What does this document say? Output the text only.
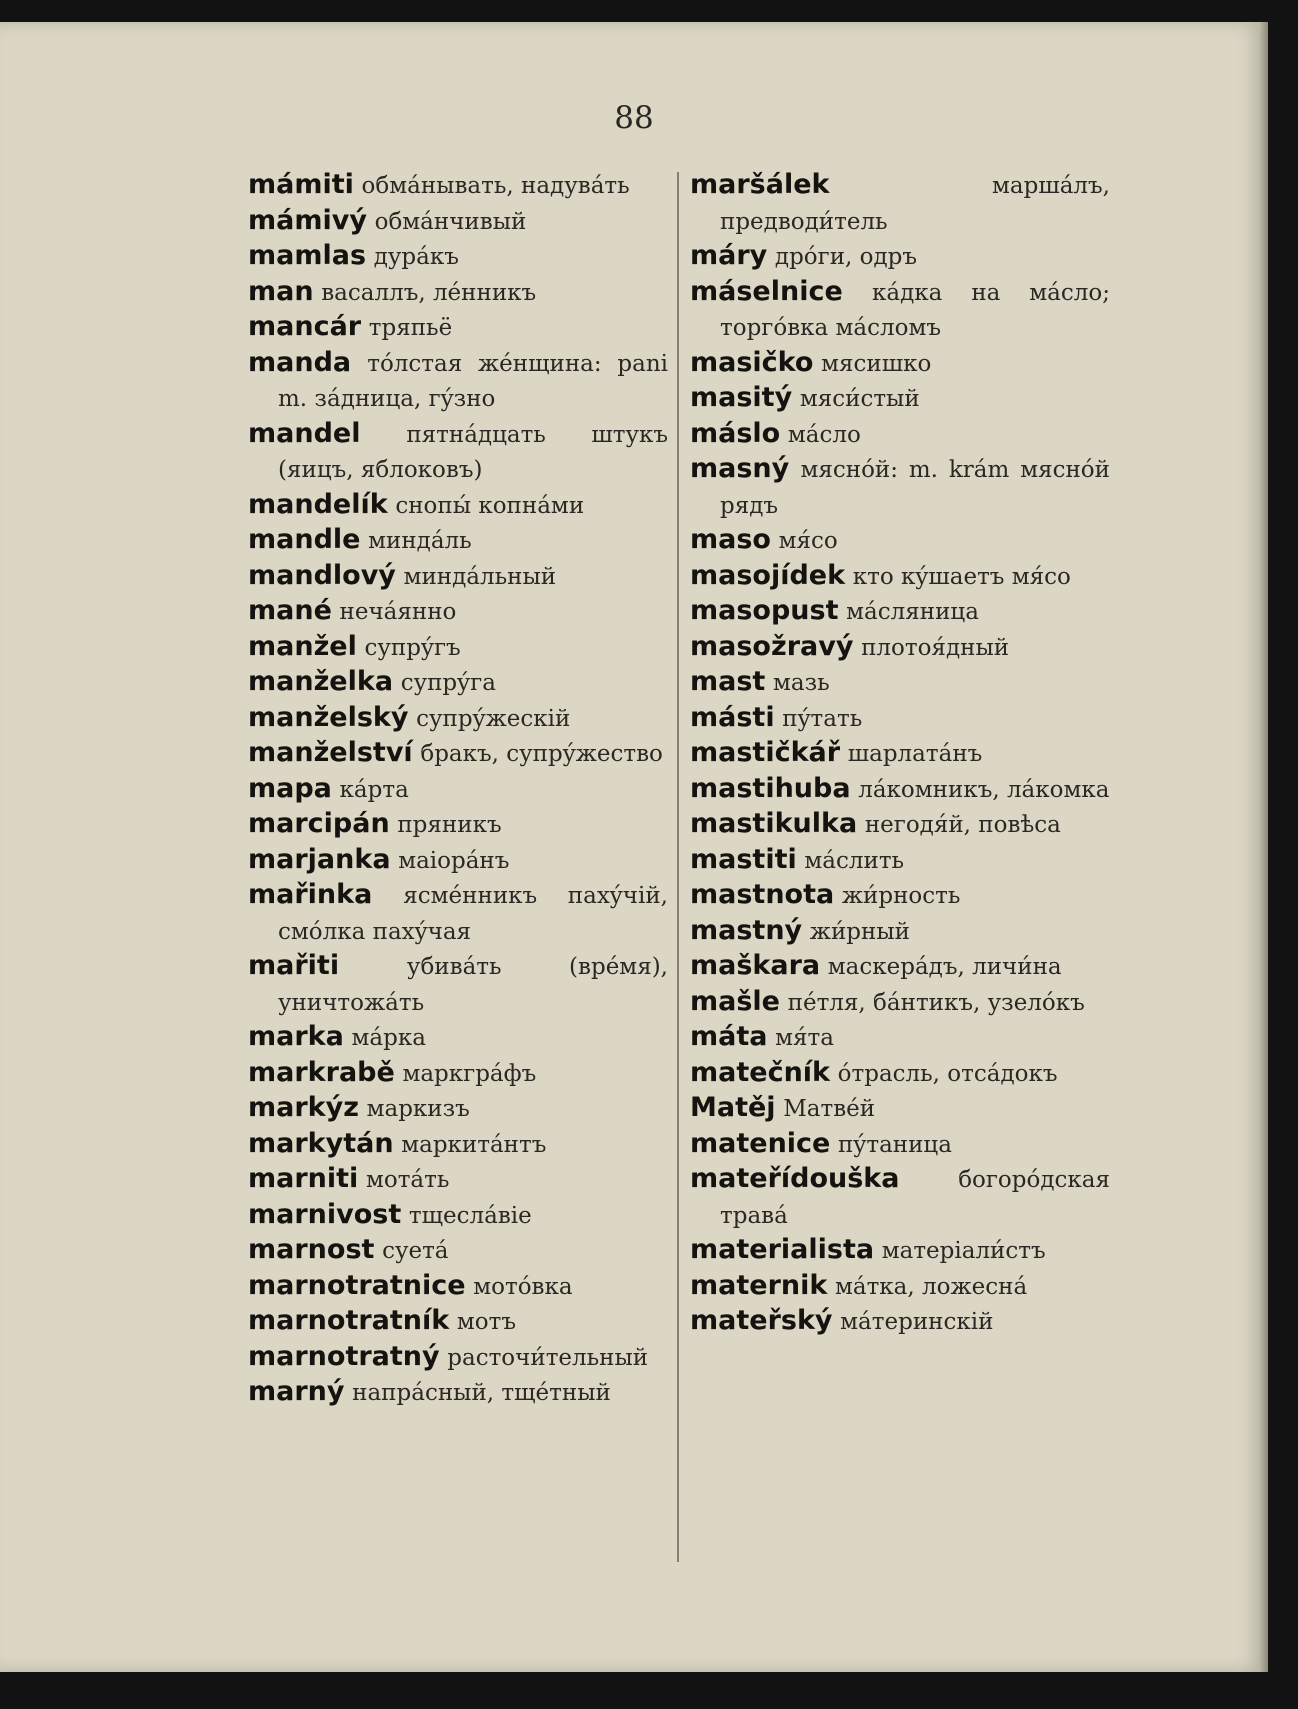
88
mámiti обмáнывать, надувáть
mámivý обмáнчивый
mamlas дурáкъ
man васаллъ, лéнникъ
mancár тряпьё
manda тóлстая жéнщина: pani m. зáдница, гýзно
mandel пятнáдцать штукъ (яицъ, яблоковъ)
mandelík снопы́ копнáми
mandle миндáль
mandlový миндáльный
mané нечáянно
manžel супрýгъ
manželka супрýга
manželský супрýжескій
manželství бракъ, супрýжество
mapa кáрта
marcipán пряникъ
marjanka маіорáнъ
mařinka ясмéнникъ пахýчій, смóлка пахýчая
mařiti	убивáть (врéмя), уничтожáть
marka мáрка
markrabě маркгрáфъ
markýz маркизъ
markytán маркитáнтъ
marniti мотáть
marnivost тщеслáвіе
marnost суетá
marnotratnice мотóвка
marnotratník мотъ
marnotratný расточи́тельный
marný напрáсный, тщéтный
maršálek	маршáлъ, предводи́тель
máry дрóги, одръ
máselnice кáдка на мáсло; торгóвка мáсломъ
masičko мясишко
masitý мяси́стый
máslo мáсло
masný мяснóй: m. krám мяснóй рядъ
maso мя́со
masojídek кто кýшаетъ мя́со
masopust мáсляница
masožravý плотоя́дный
mast мазь
másti пýтать
mastičkář шарлатáнъ
mastihuba лáкомникъ, лáкомка
mastikulka негодя́й, повѣса
mastiti мáслить
mastnota жи́рность
mastný жи́рный
maškara маскерáдъ, личи́на
mašle пéтля, бáнтикъ, узелóкъ
máta мя́та
matečník óтрасль, отсáдокъ
Matěj Матвéй
matenice пýтаница
mateřídouška	богорóдская травá
materialista матеріали́стъ
maternik мáтка, ложеснá
mateřský мáтеринскій
